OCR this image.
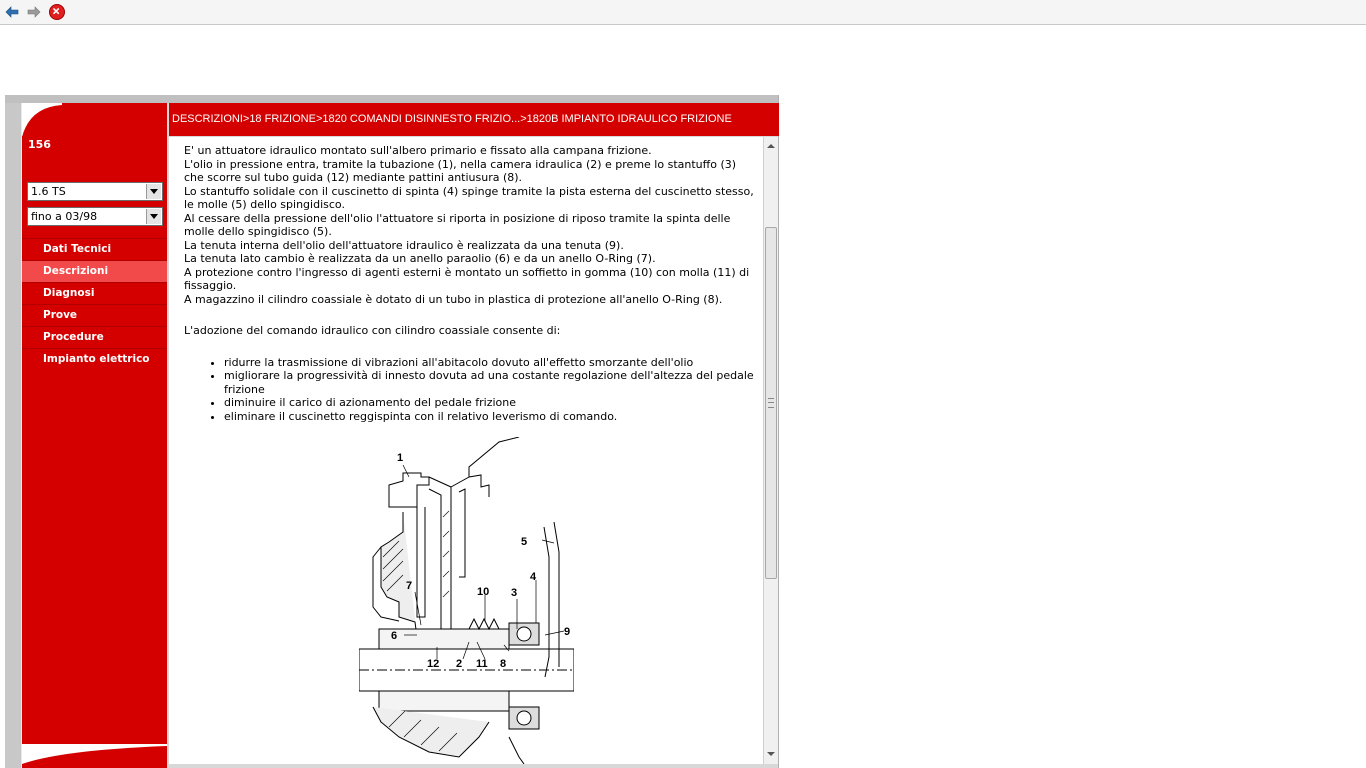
156
1.6 TS
fino a 03/98
Dati Tecnici
Descrizioni
Diagnosi
Prove
Procedure
Impianto elettrico
DESCRIZIONI>18 FRIZIONE>1820 COMANDI DISINNESTO FRIZIO...>1820B IMPIANTO IDRAULICO FRIZIONE

E' un attuatore idraulico montato sull'albero primario e fissato alla campana frizione.

L'olio in pressione entra, tramite la tubazione (1), nella camera idraulica (2) e preme lo stantuffo (3) che scorre sul tubo guida (12) mediante pattini antiusura (8).

Lo stantuffo solidale con il cuscinetto di spinta (4) spinge tramite la pista esterna del cuscinetto stesso, le molle (5) dello spingidisco.

Al cessare della pressione dell'olio l'attuatore si riporta in posizione di riposo tramite la spinta delle molle dello spingidisco (5).

La tenuta interna dell'olio dell'attuatore idraulico è realizzata da una tenuta (9).

La tenuta lato cambio è realizzata da un anello paraolio (6) e da un anello O-Ring (7).

A protezione contro l'ingresso di agenti esterni è montato un soffietto in gomma (10) con molla (11) di fissaggio.

A magazzino il cilindro coassiale è dotato di un tubo in plastica di protezione all'anello O-Ring (8).

L'adozione del comando idraulico con cilindro coassiale consente di:

• ridurre la trasmissione di vibrazioni all'abitacolo dovuto all'effetto smorzante dell'olio
• migliorare la progressività di innesto dovuta ad una costante regolazione dell'altezza del pedale frizione
• diminuire il carico di azionamento del pedale frizione
• eliminare il cuscinetto reggispinta con il relativo leverismo di comando.
1
5
7	10 3
4
6	9
12 2 11 8
